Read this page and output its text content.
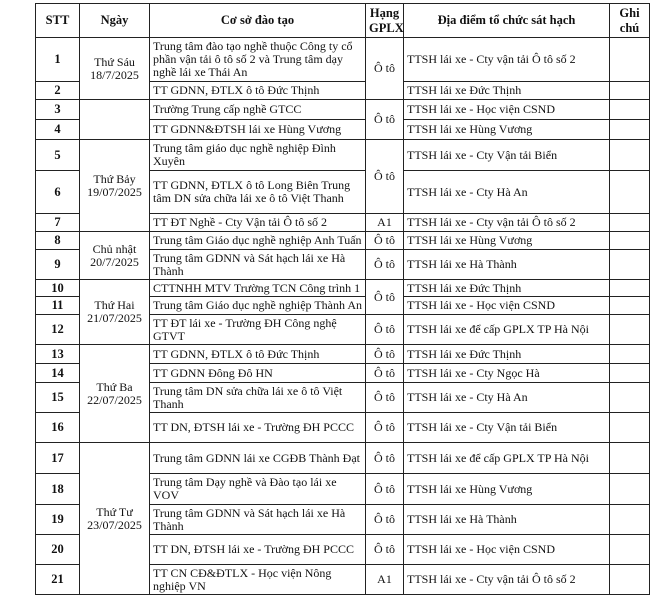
STT	Ngày	Cơ sở đào tạo	Hạng GPLX	Địa điểm tổ chức sát hạch	Ghi chú
1	Thứ Sáu 18/7/2025	Trung tâm đào tạo nghề thuộc Công ty cổ phần vận tải ô tô số 2 và Trung tâm dạy nghề lái xe Thái An	Ô tô	TTSH lái xe - Cty vận tải Ô tô số 2	
2		TT GDNN, ĐTLX ô tô Đức Thịnh		TTSH lái xe Đức Thịnh	
3		Trường Trung cấp nghề GTCC	Ô tô	TTSH lái xe - Học viện CSND	
4		TT GDNN&ĐTSH lái xe Hùng Vương		TTSH lái xe Hùng Vương	
5	Thứ Bảy 19/07/2025	Trung tâm giáo dục nghề nghiệp Đình Xuyên	Ô tô	TTSH lái xe - Cty Vận tải Biển	
6		TT GDNN, ĐTLX ô tô Long Biên Trung tâm DN sửa chữa lái xe ô tô Việt Thanh		TTSH lái xe - Cty Hà An	
7		TT ĐT Nghề - Cty Vận tải Ô tô số 2	A1	TTSH lái xe - Cty vận tải Ô tô số 2	
8	Chủ nhật 20/7/2025	Trung tâm Giáo dục nghề nghiệp Anh Tuấn	Ô tô	TTSH lái xe Hùng Vương	
9		Trung tâm GDNN và Sát hạch lái xe Hà Thành	Ô tô	TTSH lái xe Hà Thành	
10	Thứ Hai 21/07/2025	CTTNHH MTV Trường TCN Công trình 1	Ô tô	TTSH lái xe Đức Thịnh	
11		Trung tâm Giáo dục nghề nghiệp Thành An		TTSH lái xe - Học viện CSND	
12		TT ĐT lái xe - Trường ĐH Công nghệ GTVT	Ô tô	TTSH lái xe để cấp GPLX TP Hà Nội	
13	Thứ Ba 22/07/2025	TT GDNN, ĐTLX ô tô Đức Thịnh	Ô tô	TTSH lái xe Đức Thịnh	
14		TT GDNN Đông Đô HN	Ô tô	TTSH lái xe - Cty Ngọc Hà	
15		Trung tâm DN sửa chữa lái xe ô tô Việt Thanh	Ô tô	TTSH lái xe - Cty Hà An	
16		TT DN, ĐTSH lái xe - Trường ĐH PCCC	Ô tô	TTSH lái xe - Cty Vận tải Biển	
17	Thứ Tư 23/07/2025	Trung tâm GDNN lái xe CGĐB Thành Đạt	Ô tô	TTSH lái xe để cấp GPLX TP Hà Nội	
18		Trung tâm Dạy nghề và Đào tạo lái xe VOV	Ô tô	TTSH lái xe Hùng Vương	
19		Trung tâm GDNN và Sát hạch lái xe Hà Thành	Ô tô	TTSH lái xe Hà Thành	
20		TT DN, ĐTSH lái xe - Trường ĐH PCCC	Ô tô	TTSH lái xe - Học viện CSND	
21		TT CN CĐ&ĐTLX - Học viện Nông nghiệp VN	A1	TTSH lái xe - Cty vận tải Ô tô số 2	
